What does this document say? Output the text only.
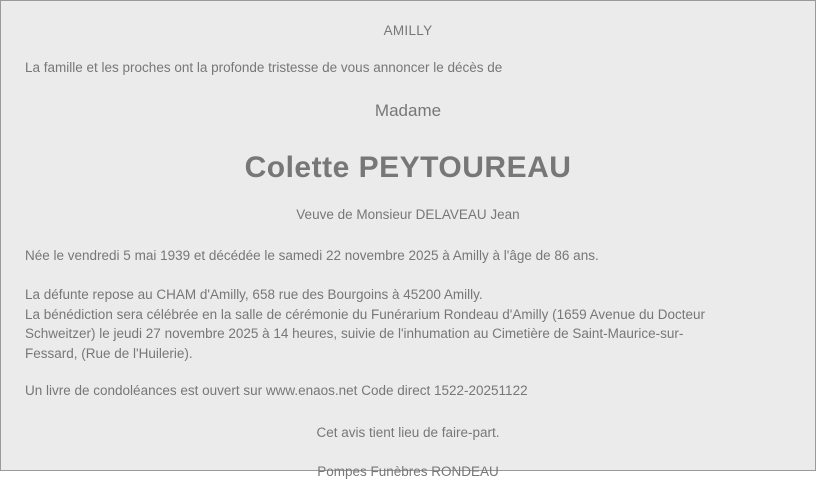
AMILLY
La famille et les proches ont la profonde tristesse de vous annoncer le décès de
Madame
Colette PEYTOUREAU
Veuve de Monsieur DELAVEAU Jean
Née le vendredi 5 mai 1939 et décédée le samedi 22 novembre 2025 à Amilly à l'âge de 86 ans.
La défunte repose au CHAM d'Amilly, 658 rue des Bourgoins à 45200 Amilly.
La bénédiction sera célébrée en la salle de cérémonie du Funérarium Rondeau d'Amilly (1659 Avenue du Docteur
Schweitzer) le jeudi 27 novembre 2025 à 14 heures, suivie de l'inhumation au Cimetière de Saint-Maurice-sur-
Fessard, (Rue de l'Huilerie).
Un livre de condoléances est ouvert sur www.enaos.net Code direct 1522-20251122
Cet avis tient lieu de faire-part.
Pompes Funèbres RONDEAU
